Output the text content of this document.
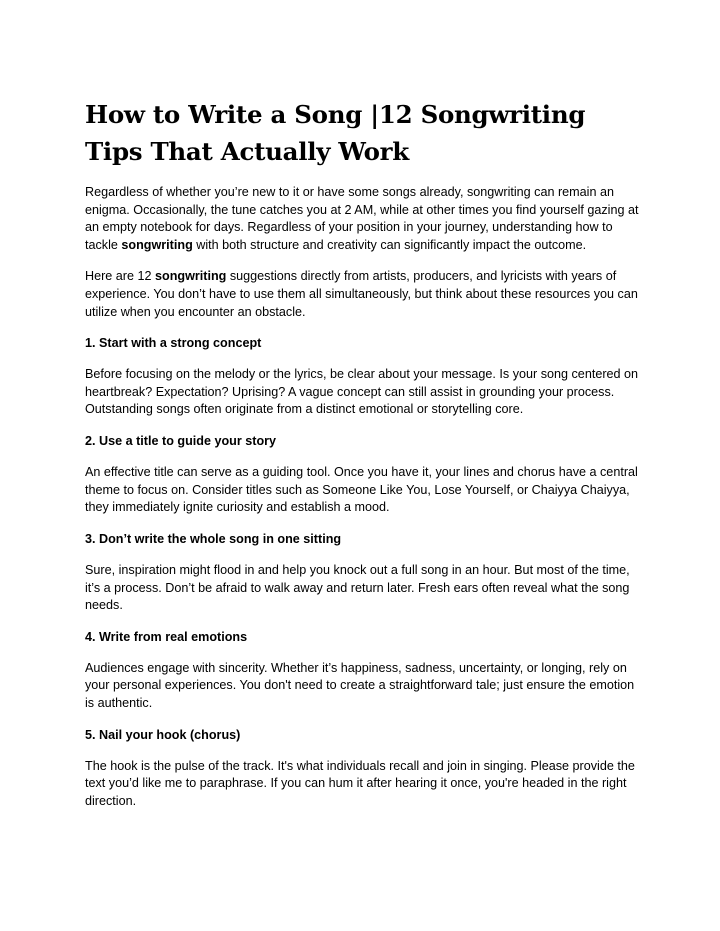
How to Write a Song |12 Songwriting Tips That Actually Work

Regardless of whether you’re new to it or have some songs already, songwriting can remain an enigma. Occasionally, the tune catches you at 2 AM, while at other times you find yourself gazing at an empty notebook for days. Regardless of your position in your journey, understanding how to tackle songwriting with both structure and creativity can significantly impact the outcome.

Here are 12 songwriting suggestions directly from artists, producers, and lyricists with years of experience. You don’t have to use them all simultaneously, but think about these resources you can utilize when you encounter an obstacle.

1. Start with a strong concept

Before focusing on the melody or the lyrics, be clear about your message. Is your song centered on heartbreak? Expectation? Uprising? A vague concept can still assist in grounding your process. Outstanding songs often originate from a distinct emotional or storytelling core.

2. Use a title to guide your story

An effective title can serve as a guiding tool. Once you have it, your lines and chorus have a central theme to focus on. Consider titles such as Someone Like You, Lose Yourself, or Chaiyya Chaiyya, they immediately ignite curiosity and establish a mood.

3. Don’t write the whole song in one sitting

Sure, inspiration might flood in and help you knock out a full song in an hour. But most of the time, it’s a process. Don’t be afraid to walk away and return later. Fresh ears often reveal what the song needs.

4. Write from real emotions

Audiences engage with sincerity. Whether it’s happiness, sadness, uncertainty, or longing, rely on your personal experiences. You don't need to create a straightforward tale; just ensure the emotion is authentic.

5. Nail your hook (chorus)

The hook is the pulse of the track. It's what individuals recall and join in singing. Please provide the text you’d like me to paraphrase. If you can hum it after hearing it once, you're headed in the right direction.
